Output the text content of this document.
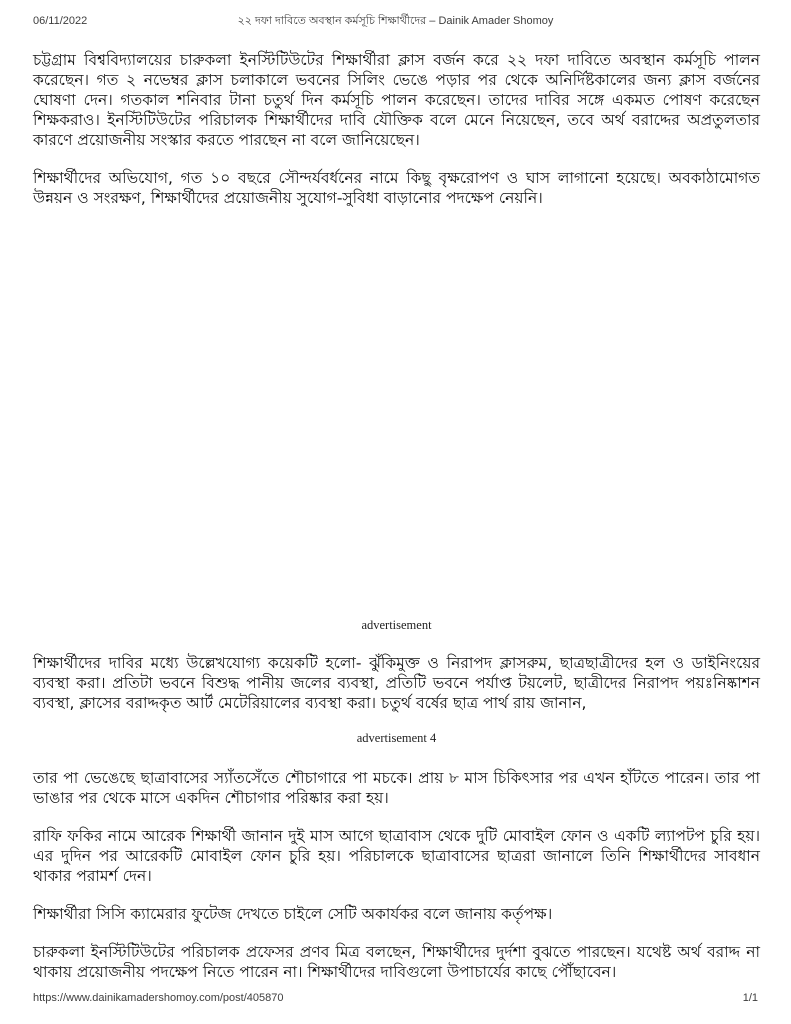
06/11/2022	২২ দফা দাবিতে অবস্থান কর্মসূচি শিক্ষার্থীদের – Dainik Amader Shomoy

চট্টগ্রাম বিশ্ববিদ্যালয়ের চারুকলা ইনস্টিটিউটের শিক্ষার্থীরা ক্লাস বর্জন করে ২২ দফা দাবিতে অবস্থান কর্মসূচি পালন করেছেন। গত ২ নভেম্বর ক্লাস চলাকালে ভবনের সিলিং ভেঙে পড়ার পর থেকে অনির্দিষ্টকালের জন্য ক্লাস বর্জনের ঘোষণা দেন। গতকাল শনিবার টানা চতুর্থ দিন কর্মসূচি পালন করেছেন। তাদের দাবির সঙ্গে একমত পোষণ করেছেন শিক্ষকরাও। ইনস্টিটিউটের পরিচালক শিক্ষার্থীদের দাবি যৌক্তিক বলে মেনে নিয়েছেন, তবে অর্থ বরাদ্দের অপ্রতুলতার কারণে প্রয়োজনীয় সংস্কার করতে পারছেন না বলে জানিয়েছেন।

শিক্ষার্থীদের অভিযোগ, গত ১০ বছরে সৌন্দর্যবর্ধনের নামে কিছু বৃক্ষরোপণ ও ঘাস লাগানো হয়েছে। অবকাঠামোগত উন্নয়ন ও সংরক্ষণ, শিক্ষার্থীদের প্রয়োজনীয় সুযোগ-সুবিধা বাড়ানোর পদক্ষেপ নেয়নি।

advertisement

শিক্ষার্থীদের দাবির মধ্যে উল্লেখযোগ্য কয়েকটি হলো- ঝুঁকিমুক্ত ও নিরাপদ ক্লাসরুম, ছাত্রছাত্রীদের হল ও ডাইনিংয়ের ব্যবস্থা করা। প্রতিটা ভবনে বিশুদ্ধ পানীয় জলের ব্যবস্থা, প্রতিটি ভবনে পর্যাপ্ত টয়লেট, ছাত্রীদের নিরাপদ পয়ঃনিষ্কাশন ব্যবস্থা, ক্লাসের বরাদ্দকৃত আর্ট মেটেরিয়ালের ব্যবস্থা করা। চতুর্থ বর্ষের ছাত্র পার্থ রায় জানান,

advertisement 4

তার পা ভেঙেছে ছাত্রাবাসের স্যাঁতসেঁতে শৌচাগারে পা মচকে। প্রায় ৮ মাস চিকিৎসার পর এখন হাঁটতে পারেন। তার পা ভাঙার পর থেকে মাসে একদিন শৌচাগার পরিষ্কার করা হয়।

রাফি ফকির নামে আরেক শিক্ষার্থী জানান দুই মাস আগে ছাত্রাবাস থেকে দুটি মোবাইল ফোন ও একটি ল্যাপটপ চুরি হয়। এর দুদিন পর আরেকটি মোবাইল ফোন চুরি হয়। পরিচালকে ছাত্রাবাসের ছাত্ররা জানালে তিনি শিক্ষার্থীদের সাবধান থাকার পরামর্শ দেন।

শিক্ষার্থীরা সিসি ক্যামেরার ফুটেজ দেখতে চাইলে সেটি অকার্যকর বলে জানায় কর্তৃপক্ষ।

চারুকলা ইনস্টিটিউটের পরিচালক প্রফেসর প্রণব মিত্র বলছেন, শিক্ষার্থীদের দুর্দশা বুঝতে পারছেন। যথেষ্ট অর্থ বরাদ্দ না থাকায় প্রয়োজনীয় পদক্ষেপ নিতে পারেন না। শিক্ষার্থীদের দাবিগুলো উপাচার্যের কাছে পৌঁছাবেন।

https://www.dainikamadershomoy.com/post/405870	1/1
